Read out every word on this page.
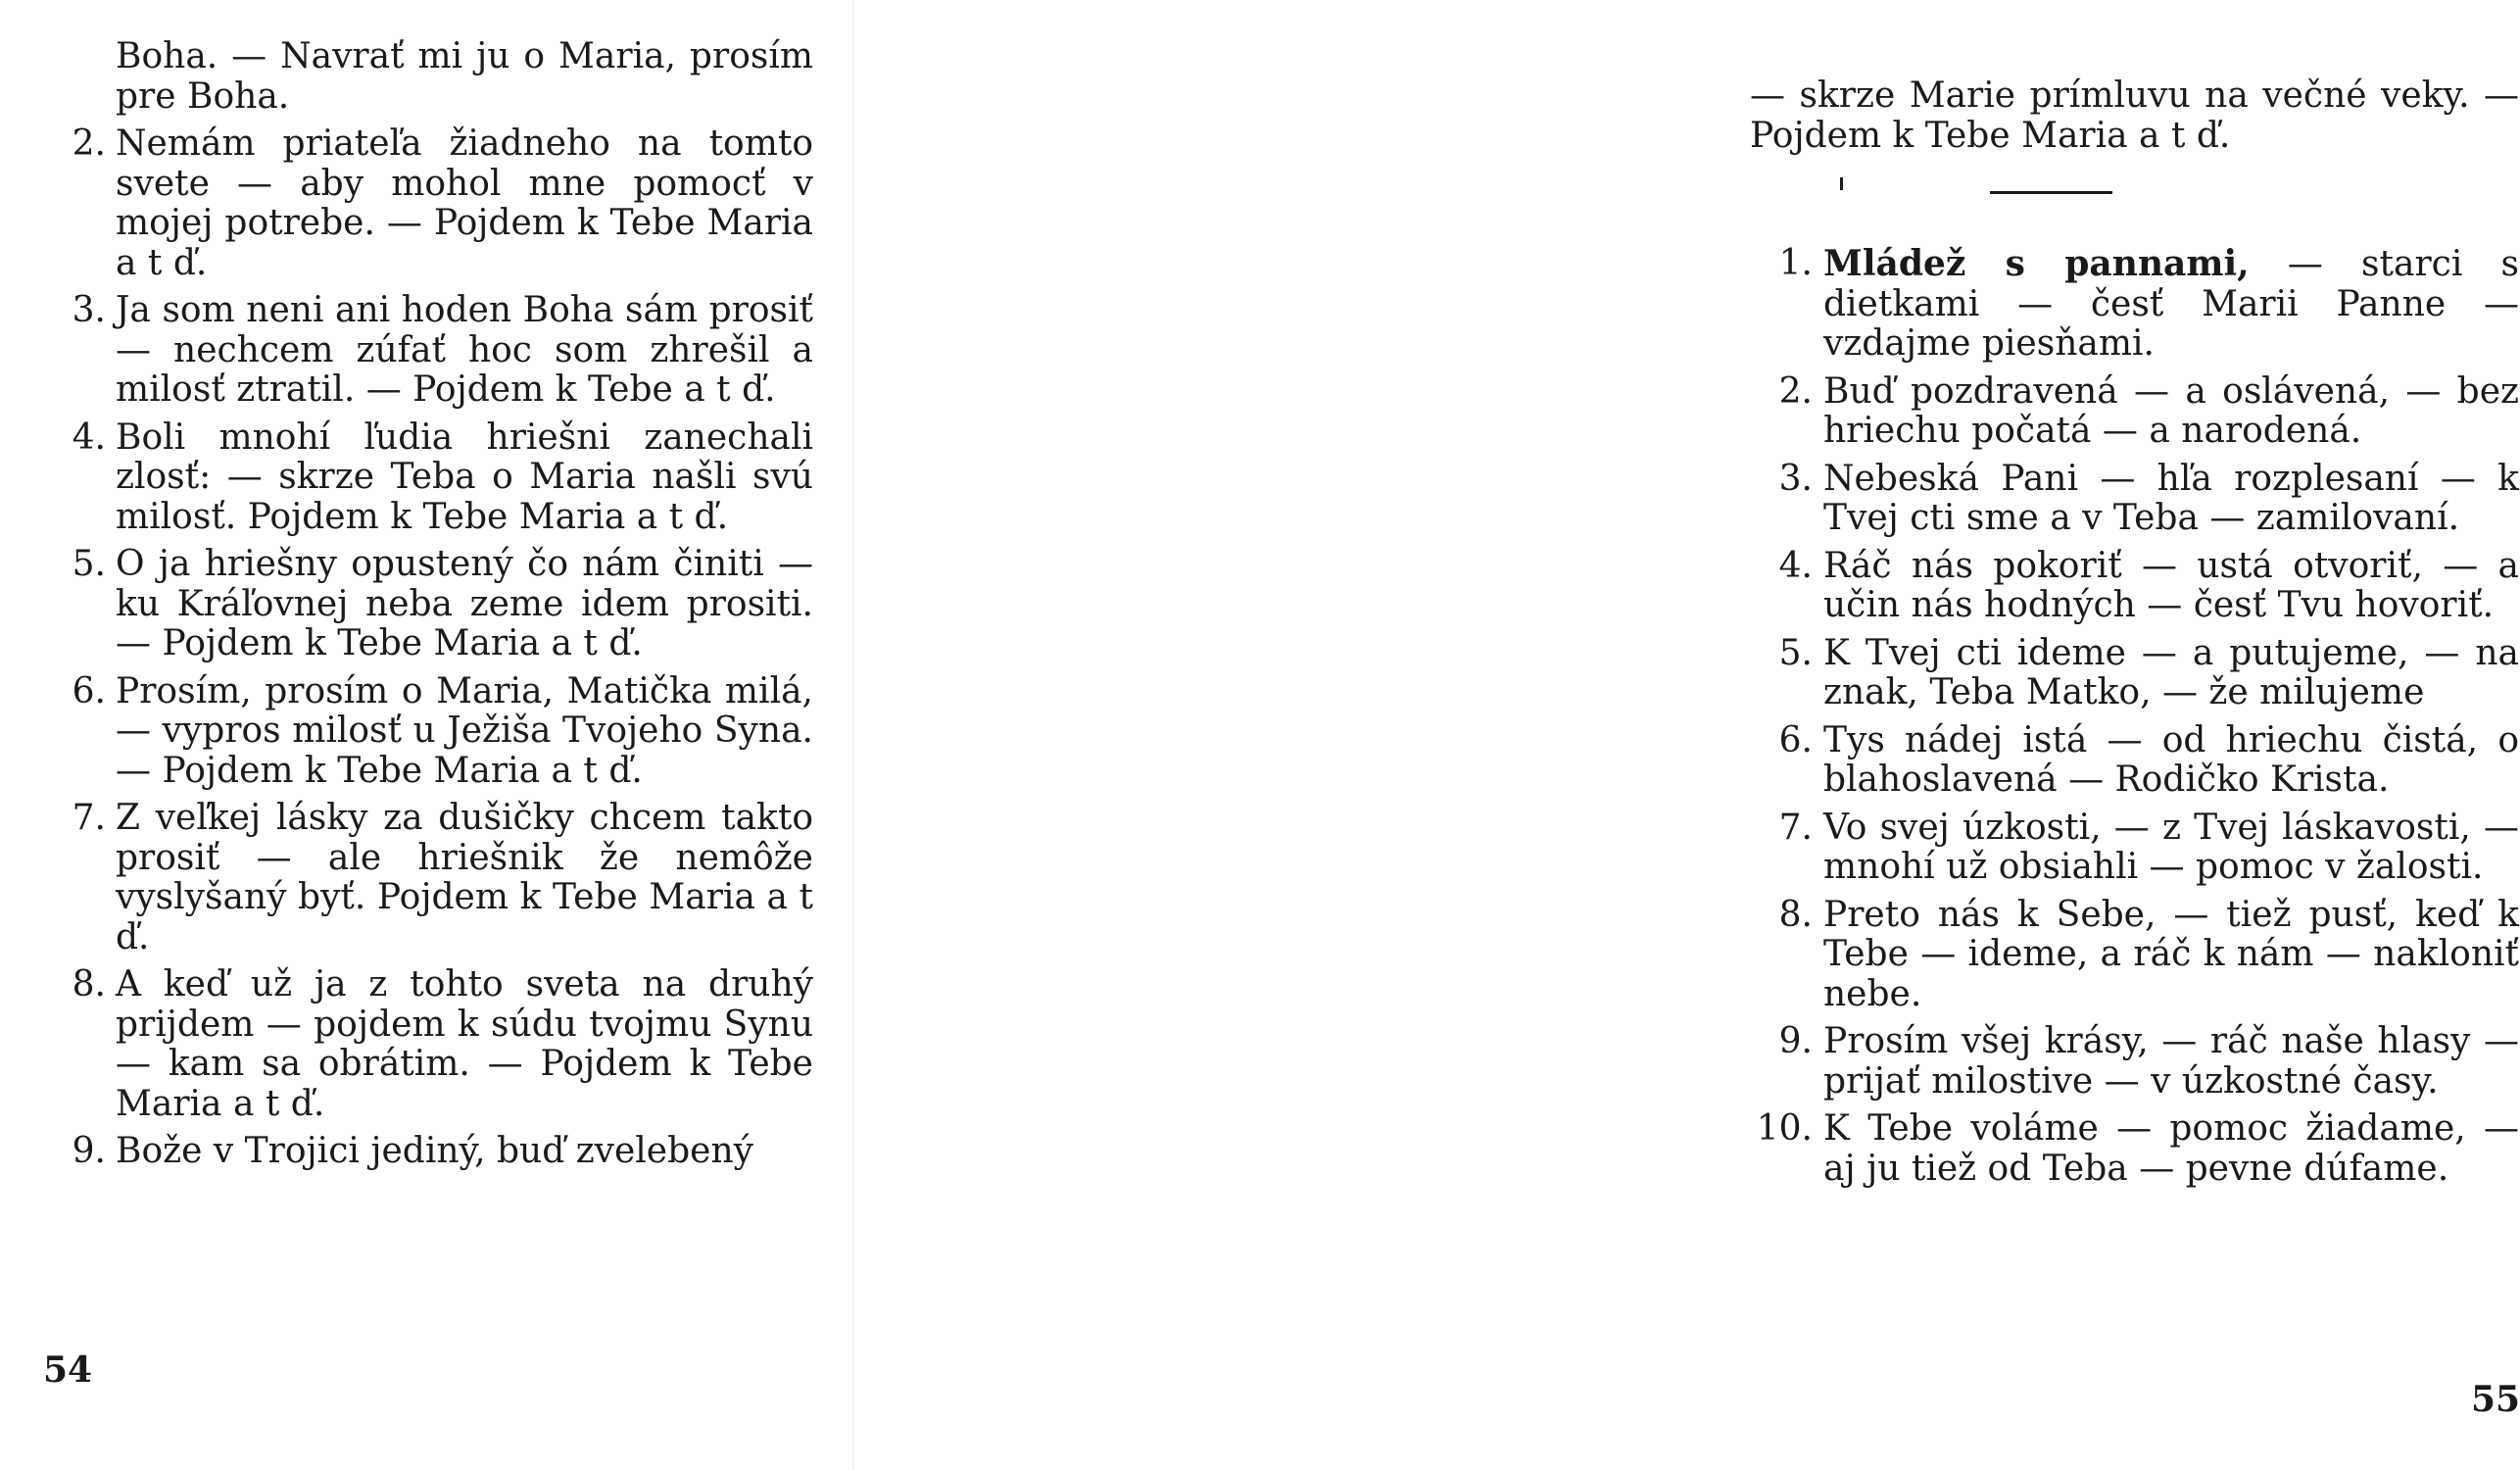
Boha. — Navrať mi ju o Maria, prosím pre Boha.
2. Nemám priateľa žiadneho na tomto svete — aby mohol mne pomocť v mojej potrebe. — Pojdem k Tebe Maria a t ď.
3. Ja som neni ani hoden Boha sám prosiť — nechcem zúfať hoc som zhrešil a milosť ztratil. — Pojdem k Tebe a t ď.
4. Boli mnohí ľudia hriešni zanechali zlosť: — skrze Teba o Maria našli svú milosť. Pojdem k Tebe Maria a t ď.
5. O ja hriešny opustený čo nám činiti — ku Kráľovnej neba zeme idem prositi. — Pojdem k Tebe Maria a t ď.
6. Prosím, prosím o Maria, Matička milá, — vypros milosť u Ježiša Tvojeho Syna. — Pojdem k Tebe Maria a t ď.
7. Z veľkej lásky za dušičky chcem takto prosiť — ale hriešnik že nemôže vyslyšaný byť. Pojdem k Tebe Maria a t ď.
8. A keď už ja z tohto sveta na druhý prijdem — pojdem k súdu tvojmu Synu — kam sa obrátim. — Pojdem k Tebe Maria a t ď.
9. Bože v Trojici jediný, buď zvelebený
54
— skrze Marie prímluvu na večné veky. — Pojdem k Tebe Maria a t ď.
1. Mládež s pannami, — starci s dietkami — česť Marii Panne — vzdajme piesňami.
2. Buď pozdravená — a oslávená, — bez hriechu počatá — a narodená.
3. Nebeská Pani — hľa rozplesaní — k Tvej cti sme a v Teba — zamilovaní.
4. Ráč nás pokoriť — ustá otvoriť, — a učin nás hodných — česť Tvu hovoriť.
5. K Tvej cti ideme — a putujeme, — na znak, Teba Matko, — že milujeme
6. Tys nádej istá — od hriechu čistá, o blahoslavená — Rodičko Krista.
7. Vo svej úzkosti, — z Tvej láskavosti, — mnohí už obsiahli — pomoc v žalosti.
8. Preto nás k Sebe, — tiež pusť, keď k Tebe — ideme, a ráč k nám — nakloniť nebe.
9. Prosím všej krásy, — ráč naše hlasy — prijať milostive — v úzkostné časy.
10. K Tebe voláme — pomoc žiadame, — aj ju tiež od Teba — pevne dúfame.
55
